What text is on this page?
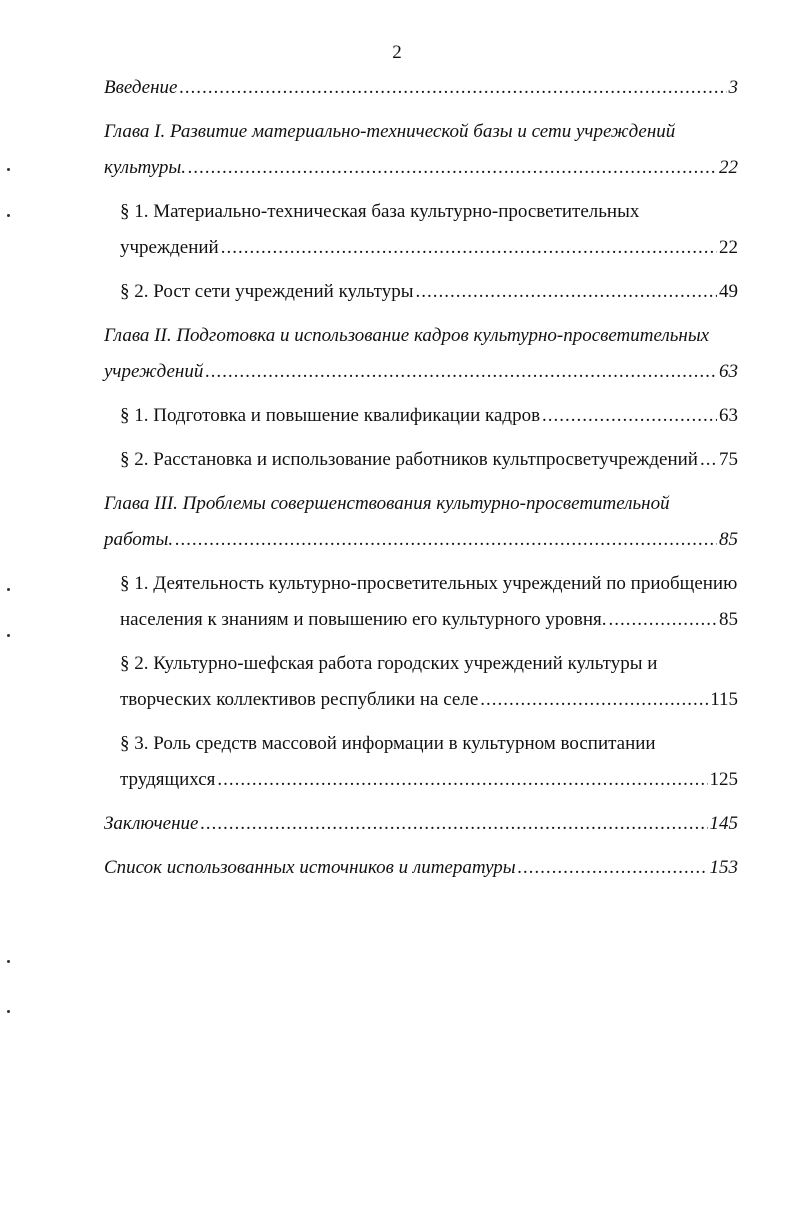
2
Введение .....	3
Глава I. Развитие материально-технической базы и сети учреждений
культуры. .....	22
§ 1. Материально-техническая база культурно-просветительных
учреждений .....	22
§ 2. Рост сети учреждений культуры .....	49
Глава II. Подготовка и использование кадров культурно-просветительных
учреждений .....	63
§ 1. Подготовка и повышение квалификации кадров .....	63
§ 2. Расстановка и использование работников культпросветучреждений ..... 75
Глава III. Проблемы совершенствования культурно-просветительной
работы. .....	85
§ 1. Деятельность культурно-просветительных учреждений по приобщению
населения к знаниям и повышению его культурного уровня. .....	85
§ 2. Культурно-шефская работа городских учреждений культуры и
творческих коллективов республики на селе .....	115
§ 3. Роль средств массовой информации в культурном воспитании
трудящихся .....	125
Заключение .....	145
Список использованных источников и литературы .....	153
